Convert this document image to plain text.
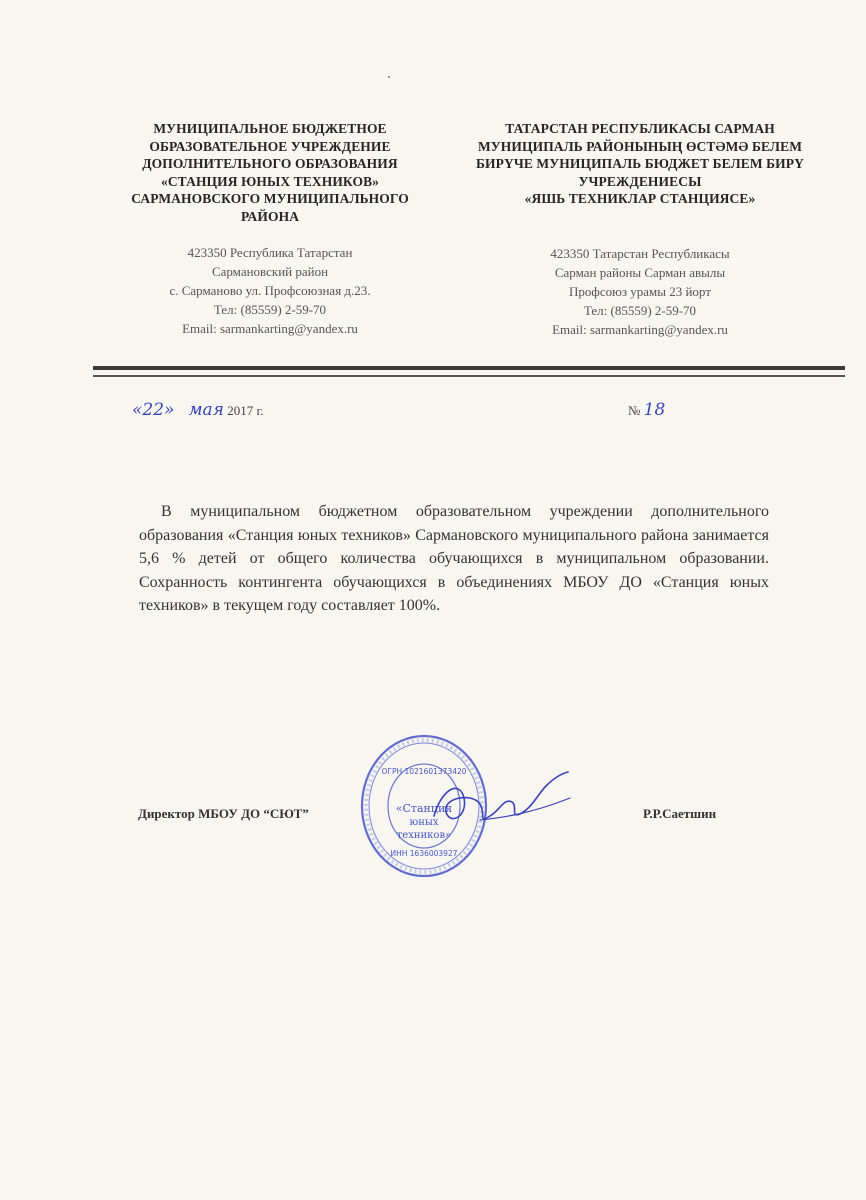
МУНИЦИПАЛЬНОЕ БЮДЖЕТНОЕ
ОБРАЗОВАТЕЛЬНОЕ УЧРЕЖДЕНИЕ
ДОПОЛНИТЕЛЬНОГО ОБРАЗОВАНИЯ
«СТАНЦИЯ ЮНЫХ ТЕХНИКОВ»
САРМАНОВСКОГО МУНИЦИПАЛЬНОГО
РАЙОНА
423350 Республика Татарстан
Сармановский район
с. Сарманово ул. Профсоюзная д.23.
Тел: (85559) 2-59-70
Email: sarmankarting@yandex.ru
ТАТАРСТАН РЕСПУБЛИКАСЫ САРМАН
МУНИЦИПАЛЬ РАЙОНЫНЫҢ ӨСТӘМӘ БЕЛЕМ
БИРҮЧЕ МУНИЦИПАЛЬ БЮДЖЕТ БЕЛЕМ БИРҮ
УЧРЕЖДЕНИЕСЫ
«ЯШЬ ТЕХНИКЛАР СТАНЦИЯСЕ»
423350 Татарстан Республикасы
Сарман районы Сарман авылы
Профсоюз урамы 23 йорт
Тел: (85559) 2-59-70
Email: sarmankarting@yandex.ru
«22» мая 2017 г.	№ 18
В муниципальном бюджетном образовательном учреждении дополнительного образования «Станция юных техников» Сармановского муниципального района занимается 5,6 % детей от общего количества обучающихся в муниципальном образовании. Сохранность контингента обучающихся в объединениях МБОУ ДО «Станция юных техников» в текущем году составляет 100%.
Директор МБОУ ДО “СЮТ”	Р.Р.Саетшин
ОГРН 1021601373420
«Станция
юных
техников»
ИНН 1636003927
